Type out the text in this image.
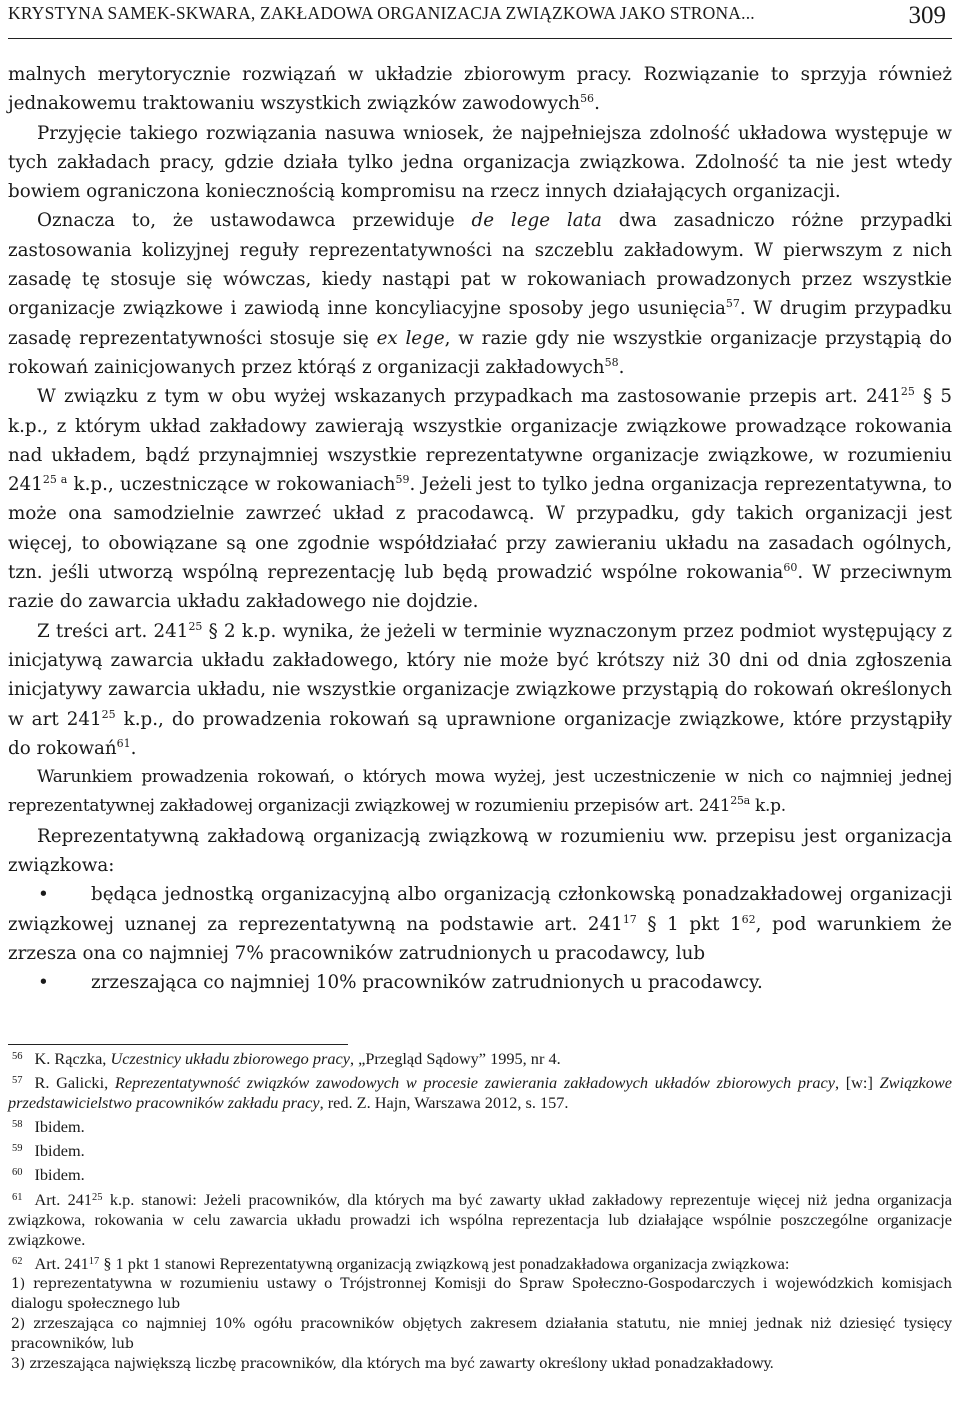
KRYSTYNA SAMEK-SKWARA, ZAKŁADOWA ORGANIZACJA ZWIĄZKOWA JAKO STRONA...	309

malnych merytorycznie rozwiązań w układzie zbiorowym pracy. Rozwiązanie to sprzyja również jednakowemu traktowaniu wszystkich związków zawodowych$^{56}$.

Przyjęcie takiego rozwiązania nasuwa wniosek, że najpełniejsza zdolność układowa występuje w tych zakładach pracy, gdzie działa tylko jedna organizacja związkowa. Zdolność ta nie jest wtedy bowiem ograniczona koniecznością kompromisu na rzecz innych działających organizacji.

Oznacza to, że ustawodawca przewiduje de lege lata dwa zasadniczo różne przypadki zastosowania kolizyjnej reguły reprezentatywności na szczeblu zakładowym. W pierwszym z nich zasadę tę stosuje się wówczas, kiedy nastąpi pat w rokowaniach prowadzonych przez wszystkie organizacje związkowe i zawiodą inne koncyliacyjne sposoby jego usunięcia$^{57}$. W drugim przypadku zasadę reprezentatywności stosuje się ex lege, w razie gdy nie wszystkie organizacje przystąpią do rokowań zainicjowanych przez którąś z organizacji zakładowych$^{58}$.

W związku z tym w obu wyżej wskazanych przypadkach ma zastosowanie przepis art. $241^{25}$ § 5 k.p., z którym układ zakładowy zawierają wszystkie organizacje związkowe prowadzące rokowania nad układem, bądź przynajmniej wszystkie reprezentatywne organizacje związkowe, w rozumieniu $241^{25 a}$ k.p., uczestniczące w rokowaniach$^{59}$. Jeżeli jest to tylko jedna organizacja reprezentatywna, to może ona samodzielnie zawrzeć układ z pracodawcą. W przypadku, gdy takich organizacji jest więcej, to obowiązane są one zgodnie współdziałać przy zawieraniu układu na zasadach ogólnych, tzn. jeśli utworzą wspólną reprezentację lub będą prowadzić wspólne rokowania$^{60}$. W przeciwnym razie do zawarcia układu zakładowego nie dojdzie.

Z treści art. $241^{25}$ § 2 k.p. wynika, że jeżeli w terminie wyznaczonym przez podmiot występujący z inicjatywą zawarcia układu zakładowego, który nie może być krótszy niż 30 dni od dnia zgłoszenia inicjatywy zawarcia układu, nie wszystkie organizacje związkowe przystąpią do rokowań określonych w art $241^{25}$ k.p., do prowadzenia rokowań są uprawnione organizacje związkowe, które przystąpiły do rokowań$^{61}$.

Warunkiem prowadzenia rokowań, o których mowa wyżej, jest uczestniczenie w nich co najmniej jednej reprezentatywnej zakładowej organizacji związkowej w rozumieniu przepisów art. $241^{25a}$ k.p.

Reprezentatywną zakładową organizacją związkową w rozumieniu ww. przepisu jest organizacja związkowa:

• będąca jednostką organizacyjną albo organizacją członkowską ponadzakładowej organizacji związkowej uznanej za reprezentatywną na podstawie art. $241^{17}$ § 1 pkt $1^{62}$, pod warunkiem że zrzesza ona co najmniej 7% pracowników zatrudnionych u pracodawcy, lub
• zrzeszająca co najmniej 10% pracowników zatrudnionych u pracodawcy.

$^{56}$ K. Rączka, Uczestnicy układu zbiorowego pracy, „Przegląd Sądowy” 1995, nr 4.

$^{57}$ R. Galicki, Reprezentatywność związków zawodowych w procesie zawierania zakładowych układów zbiorowych pracy, [w:] Związkowe przedstawicielstwo pracowników zakładu pracy, red. Z. Hajn, Warszawa 2012, s. 157.

$^{58}$ Ibidem.

$^{59}$ Ibidem.

$^{60}$ Ibidem.

$^{61}$ Art. $241^{25}$ k.p. stanowi: Jeżeli pracowników, dla których ma być zawarty układ zakładowy reprezentuje więcej niż jedna organizacja związkowa, rokowania w celu zawarcia układu prowadzi ich wspólna reprezentacja lub działające wspólnie poszczególne organizacje związkowe.

$^{62}$ Art. $241^{17}$ § 1 pkt 1 stanowi Reprezentatywną organizacją związkową jest ponadzakładowa organizacja związkowa:

1) reprezentatywna w rozumieniu ustawy o Trójstronnej Komisji do Spraw Społeczno-Gospodarczych i wojewódzkich komisjach dialogu społecznego lub

2) zrzeszająca co najmniej 10% ogółu pracowników objętych zakresem działania statutu, nie mniej jednak niż dziesięć tysięcy pracowników, lub

3) zrzeszająca największą liczbę pracowników, dla których ma być zawarty określony układ ponadzakładowy.
